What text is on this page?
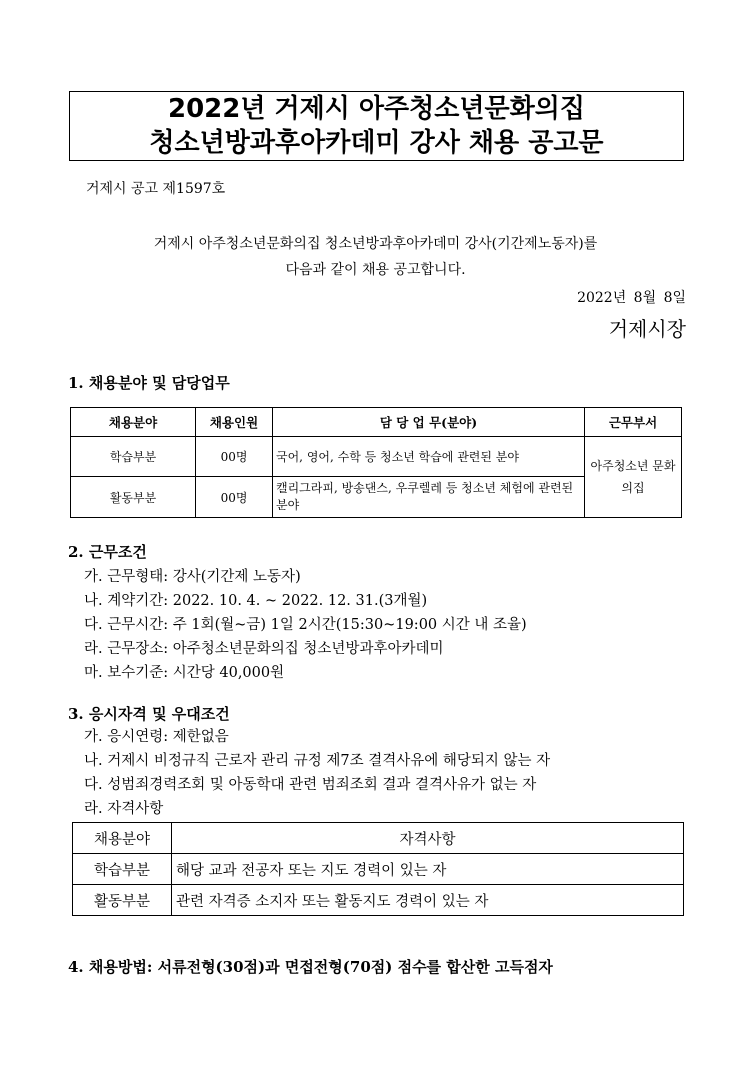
2022년 거제시 아주청소년문화의집
청소년방과후아카데미 강사 채용 공고문
거제시 공고 제1597호
거제시 아주청소년문화의집 청소년방과후아카데미 강사(기간제노동자)를
다음과 같이 채용 공고합니다.
2022년 8월 8일
거제시장
1. 채용분야 및 담당업무
채용분야	채용인원	담 당 업 무(분야)	근무부서
학습부분	00명	국어, 영어, 수학 등 청소년 학습에 관련된 분야	아주청소년 문화의집
활동부분	00명	캘리그라피, 방송댄스, 우쿠렐레 등 청소년 체험에 관련된 분야	
2. 근무조건
가. 근무형태: 강사(기간제 노동자)
나. 계약기간: 2022. 10. 4. ~ 2022. 12. 31.(3개월)
다. 근무시간: 주 1회(월~금) 1일 2시간(15:30~19:00 시간 내 조율)
라. 근무장소: 아주청소년문화의집 청소년방과후아카데미
마. 보수기준: 시간당 40,000원
3. 응시자격 및 우대조건
가. 응시연령: 제한없음
나. 거제시 비정규직 근로자 관리 규정 제7조 결격사유에 해당되지 않는 자
다. 성범죄경력조회 및 아동학대 관련 범죄조회 결과 결격사유가 없는 자
라. 자격사항
채용분야	자격사항
학습부분	해당 교과 전공자 또는 지도 경력이 있는 자
활동부분	관련 자격증 소지자 또는 활동지도 경력이 있는 자
4. 채용방법: 서류전형(30점)과 면접전형(70점) 점수를 합산한 고득점자
